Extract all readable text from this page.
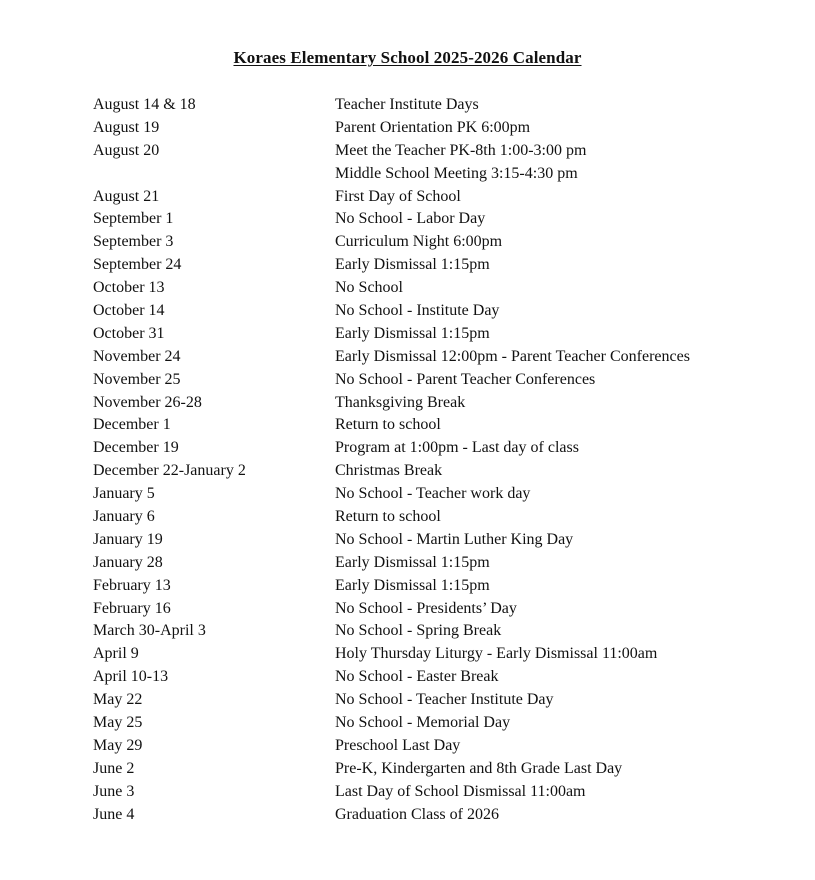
Koraes Elementary School 2025-2026 Calendar
August 14 & 18	Teacher Institute Days
August 19	Parent Orientation PK 6:00pm
August 20	Meet the Teacher PK-8th 1:00-3:00 pm
Middle School Meeting 3:15-4:30 pm
August 21	First Day of School
September 1	No School - Labor Day
September 3	Curriculum Night 6:00pm
September 24	Early Dismissal 1:15pm
October 13	No School
October 14	No School - Institute Day
October 31	Early Dismissal 1:15pm
November 24	Early Dismissal 12:00pm - Parent Teacher Conferences
November 25	No School - Parent Teacher Conferences
November 26-28	Thanksgiving Break
December 1	Return to school
December 19	Program at 1:00pm - Last day of class
December 22-January 2	Christmas Break
January 5	No School - Teacher work day
January 6	Return to school
January 19	No School - Martin Luther King Day
January 28	Early Dismissal 1:15pm
February 13	Early Dismissal 1:15pm
February 16	No School - Presidents’ Day
March 30-April 3	No School - Spring Break
April 9	Holy Thursday Liturgy - Early Dismissal 11:00am
April 10-13	No School - Easter Break
May 22	No School - Teacher Institute Day
May 25	No School - Memorial Day
May 29	Preschool Last Day
June 2	Pre-K, Kindergarten and 8th Grade Last Day
June 3	Last Day of School Dismissal 11:00am
June 4	Graduation Class of 2026
